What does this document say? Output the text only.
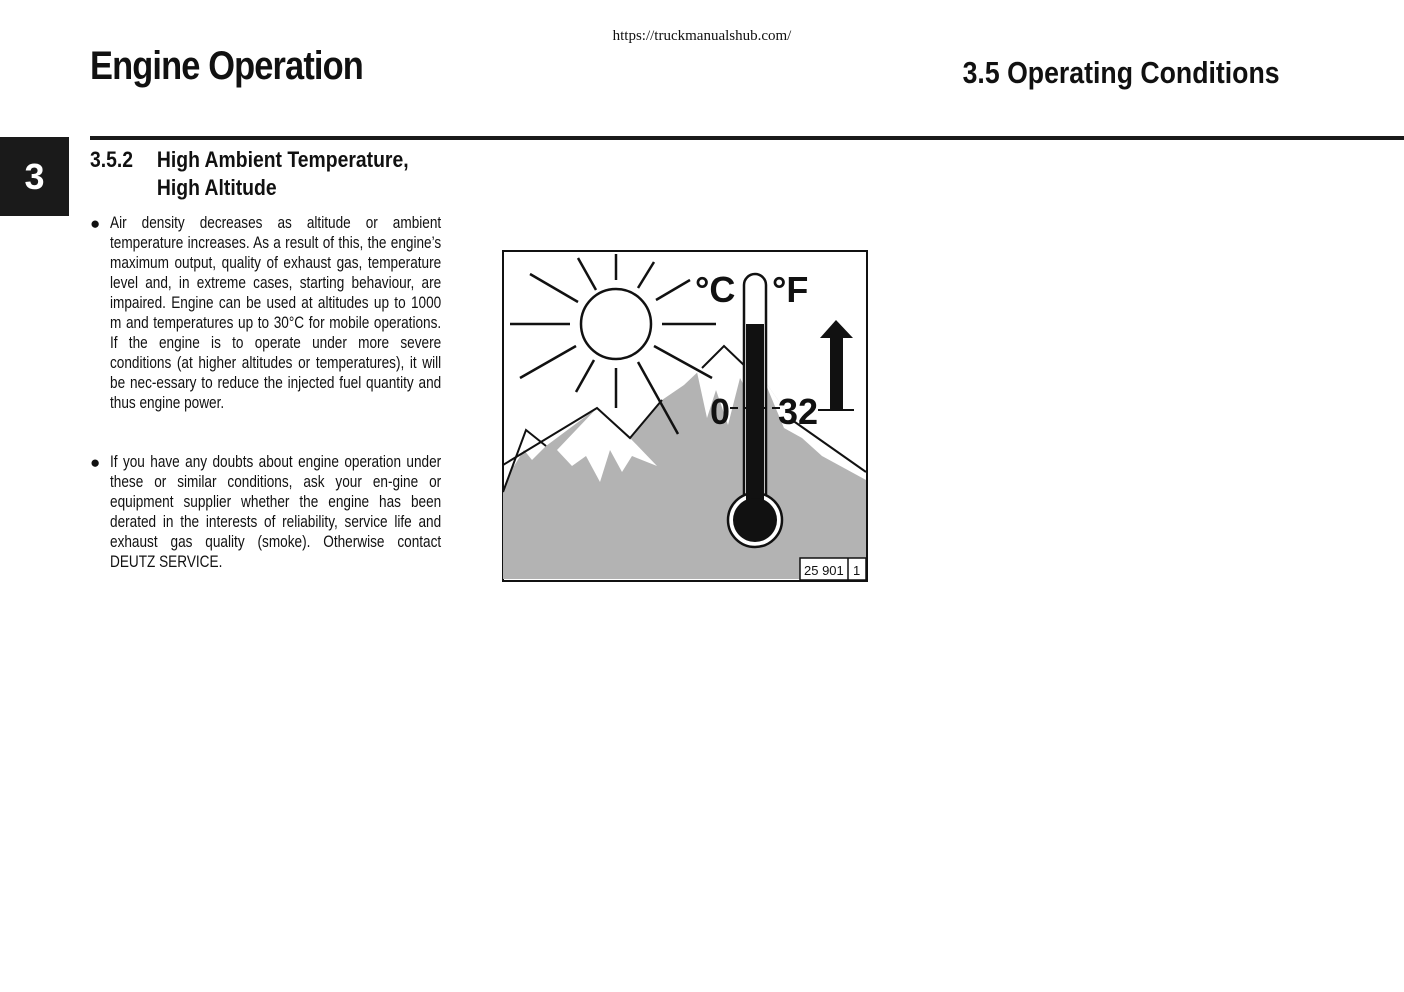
https://truckmanualshub.com/
Engine Operation	3.5 Operating Conditions
3	3.5.2 High Ambient Temperature,
High Altitude
● Air density decreases as altitude or ambient temperature increases. As a result of this, the engine’s maximum output, quality of exhaust gas, temperature level and, in extreme cases, starting behaviour, are impaired. Engine can be used at altitudes up to 1000 m and temperatures up to 30°C for mobile operations. If the engine is to operate under more severe conditions (at higher altitudes or temperatures), it will be nec-essary to reduce the injected fuel quantity and thus engine power.
● If you have any doubts about engine operation under these or similar conditions, ask your en-gine or equipment supplier whether the engine has been derated in the interests of reliability, service life and exhaust gas quality (smoke). Otherwise contact DEUTZ SERVICE.
°C °F
0 32
25 901 1
